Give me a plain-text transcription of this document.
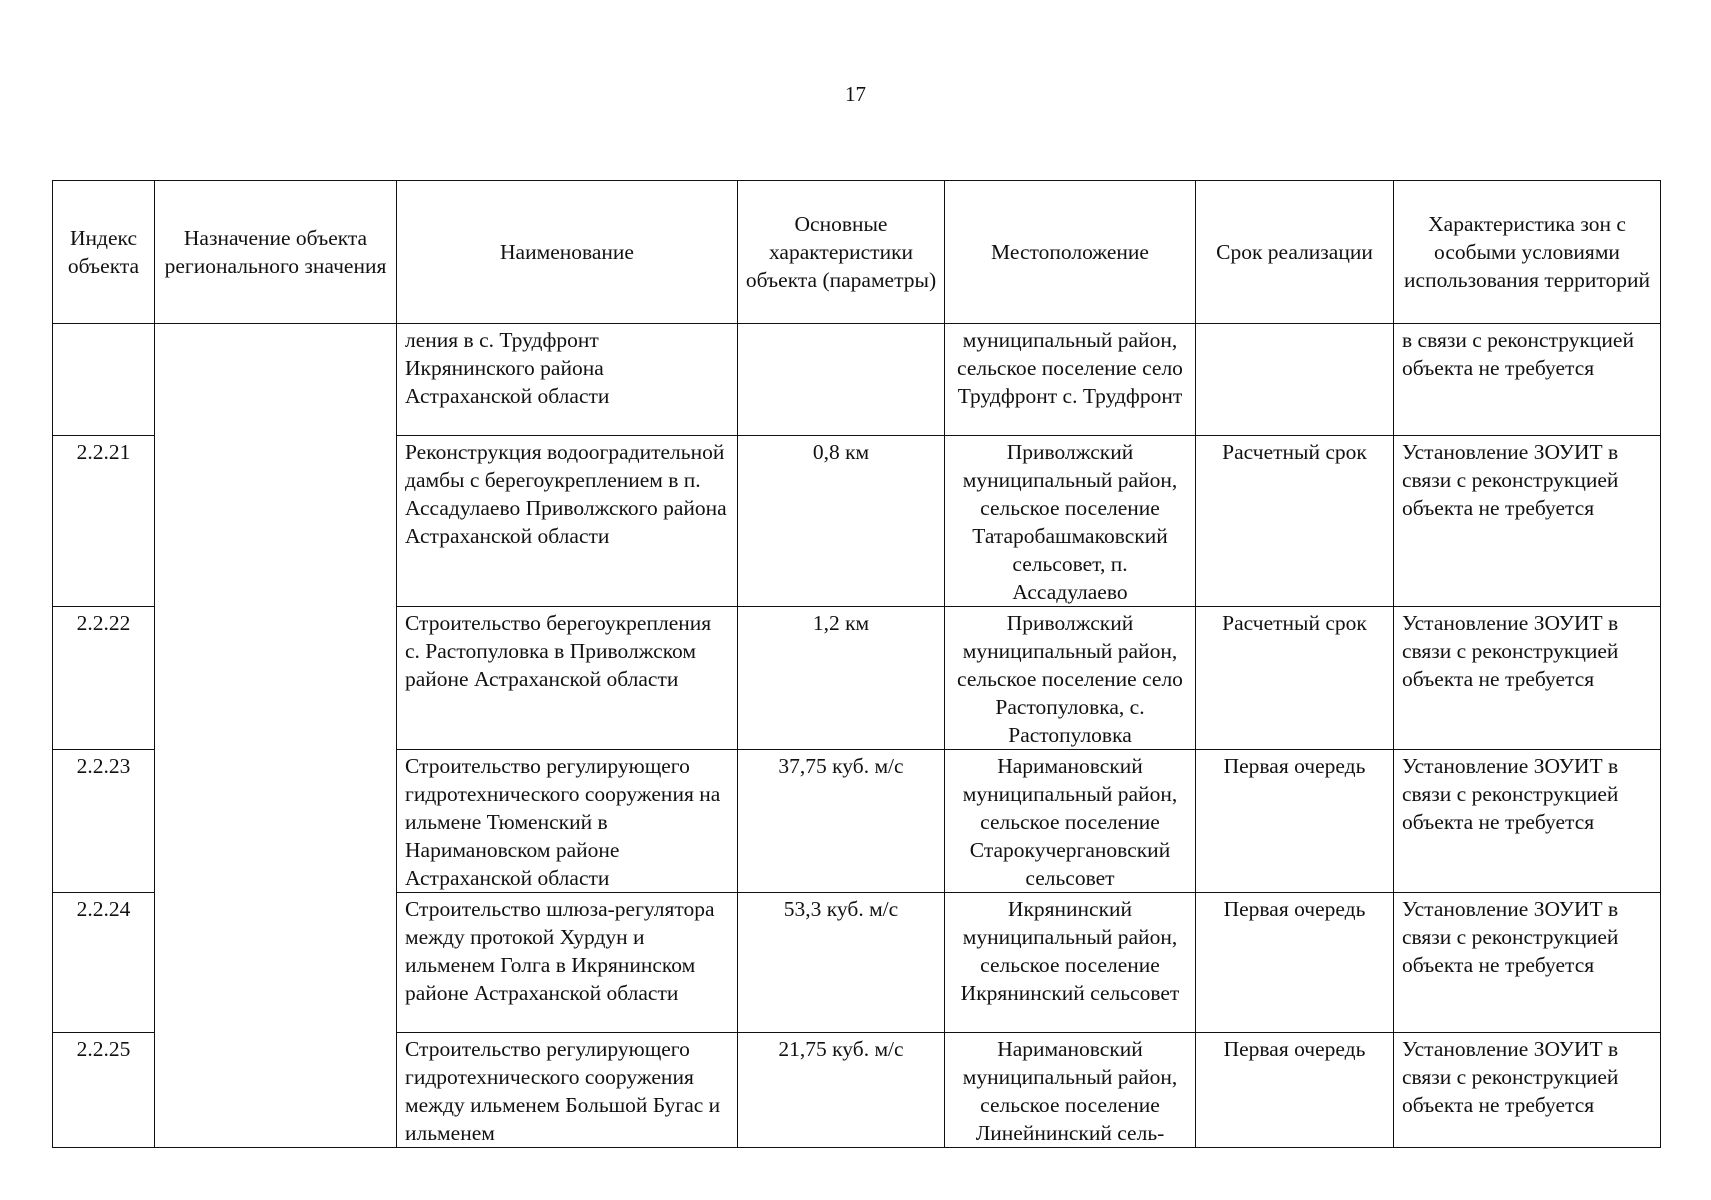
17
Индекс объекта	Назначение объекта регионального значения	Наименование	Основные характеристики объекта (параметры)	Местоположение	Срок реализации	Характеристика зон с особыми условиями использования территорий
		ления в с. Трудфронт Икрянинского района Астраханской области		муниципальный район, сельское поселение село Трудфронт с. Трудфронт		в связи с реконструкцией объекта не требуется
2.2.21		Реконструкция водооградительной дамбы с берегоукреплением в п. Ассадулаево Приволжского района Астраханской области	0,8 км	Приволжский муниципальный район, сельское поселение Татаробашмаковский сельсовет, п. Ассадулаево	Расчетный срок	Установление ЗОУИТ в связи с реконструкцией объекта не требуется
2.2.22		Строительство берегоукрепления с. Растопуловка в Приволжском районе Астраханской области	1,2 км	Приволжский муниципальный район, сельское поселение село Растопуловка, с. Растопуловка	Расчетный срок	Установление ЗОУИТ в связи с реконструкцией объекта не требуется
2.2.23		Строительство регулирующего гидротехнического сооружения на ильмене Тюменский в Наримановском районе Астраханской области	37,75 куб. м/с	Наримановский муниципальный район, сельское поселение Старокучергановский сельсовет	Первая очередь	Установление ЗОУИТ в связи с реконструкцией объекта не требуется
2.2.24		Строительство шлюза-регулятора между протокой Хурдун и ильменем Голга в Икрянинском районе Астраханской области	53,3 куб. м/с	Икрянинский муниципальный район, сельское поселение Икрянинский сельсовет	Первая очередь	Установление ЗОУИТ в связи с реконструкцией объекта не требуется
2.2.25		Строительство регулирующего гидротехнического сооружения между ильменем Большой Бугас и ильменем	21,75 куб. м/с	Наримановский муниципальный район, сельское поселение Линейнинский сель-	Первая очередь	Установление ЗОУИТ в связи с реконструкцией объекта не требуется
